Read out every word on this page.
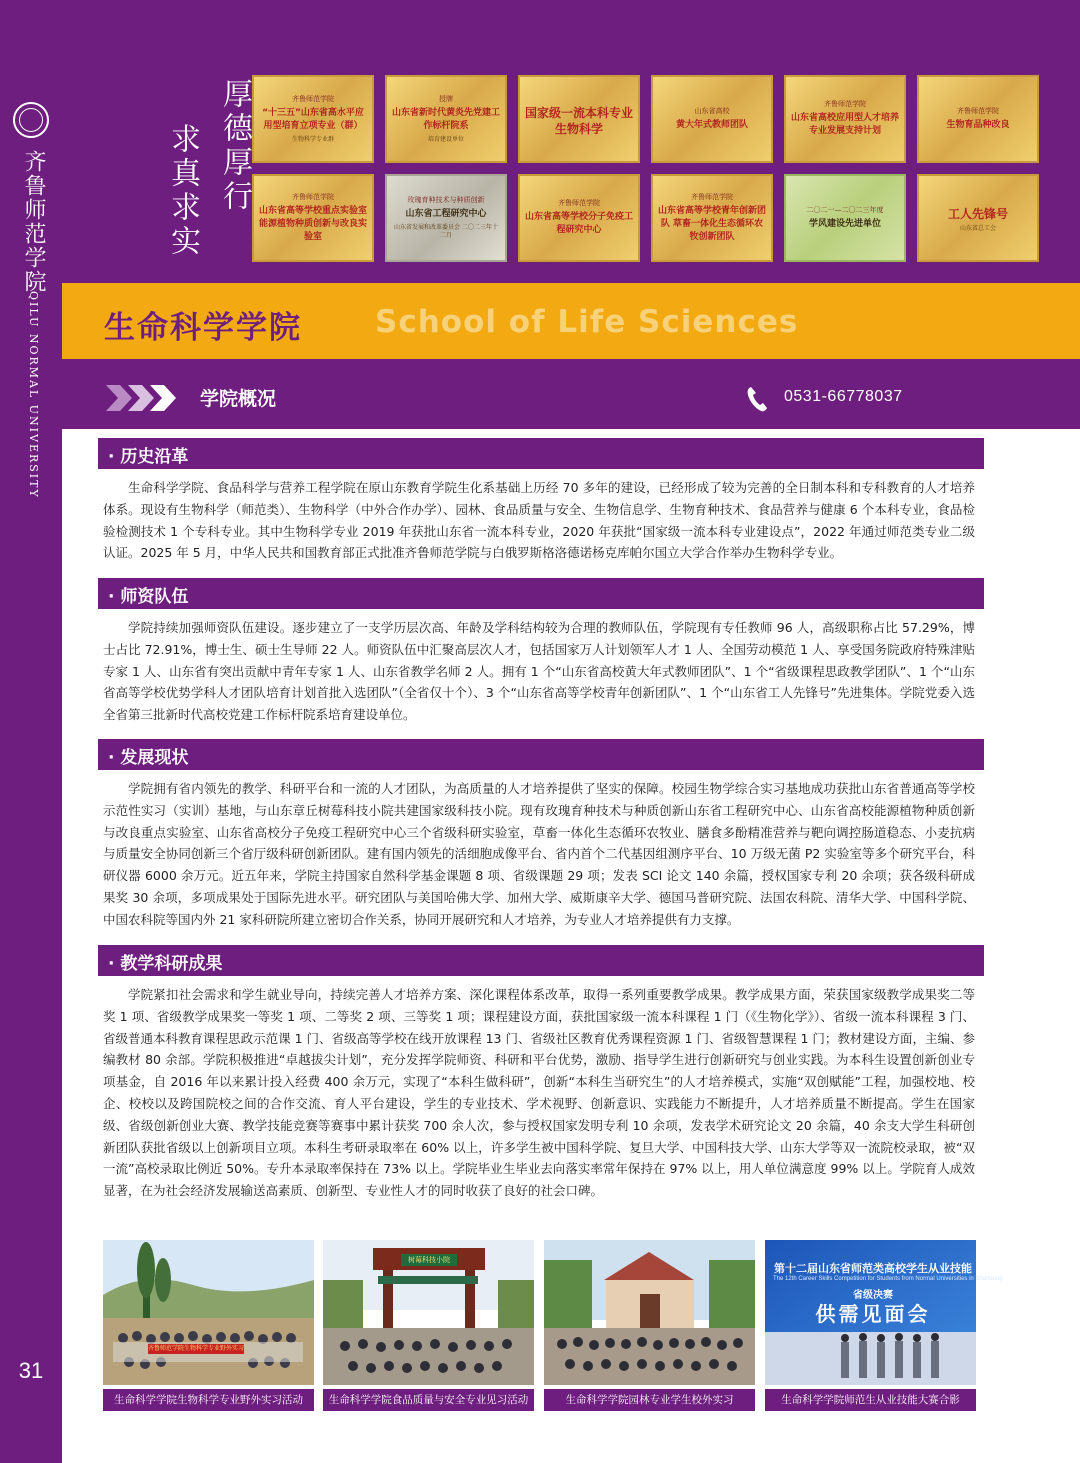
齐鲁师范学院
QILU NORMAL UNIVERSITY
31
求真求实 厚德厚行	齐鲁师范学院
“十三五”山东省高水平应用型培育立项专业（群）
生物科学专业群
授牌
山东省新时代黄炎先党建工作标杆院系
培育建设单位
国家级一流本科专业 生物科学
山东省高校
黄大年式教师团队
齐鲁师范学院
山东省高校应用型人才培养专业发展支持计划
齐鲁师范学院
生物育品种改良
齐鲁师范学院
山东省高等学校重点实验室 能源植物种质创新与改良实验室
玫瑰育种技术与种质创新
山东省工程研究中心
山东省发展和改革委员会 二〇二三年十二月
齐鲁师范学院
山东省高等学校分子免疫工程研究中心
齐鲁师范学院
山东省高等学校青年创新团队 草畜一体化生态循环农牧创新团队
二〇二一—二〇二三年度
学风建设先进单位
工人先锋号
山东省总工会
生命科学学院 School of Life Sciences
学院概况	0531-66778037
· 历史沿革
生命科学学院、食品科学与营养工程学院在原山东教育学院生化系基础上历经 70 多年的建设，已经形成了较为完善的全日制本科和专科教育的人才培养体系。现设有生物科学（师范类）、生物科学（中外合作办学）、园林、食品质量与安全、生物信息学、生物育种技术、食品营养与健康 6 个本科专业，食品检验检测技术 1 个专科专业。其中生物科学专业 2019 年获批山东省一流本科专业，2020 年获批“国家级一流本科专业建设点”，2022 年通过师范类专业二级认证。2025 年 5 月，中华人民共和国教育部正式批准齐鲁师范学院与白俄罗斯格洛德诺杨克库帕尔国立大学合作举办生物科学专业。
· 师资队伍
学院持续加强师资队伍建设。逐步建立了一支学历层次高、年龄及学科结构较为合理的教师队伍，学院现有专任教师 96 人，高级职称占比 57.29%，博士占比 72.91%，博士生、硕士生导师 22 人。师资队伍中汇聚高层次人才，包括国家万人计划领军人才 1 人、全国劳动模范 1 人、享受国务院政府特殊津贴专家 1 人、山东省有突出贡献中青年专家 1 人、山东省教学名师 2 人。拥有 1 个“山东省高校黄大年式教师团队”、1 个“省级课程思政教学团队”、1 个“山东省高等学校优势学科人才团队培育计划首批入选团队”（全省仅十个）、3 个“山东省高等学校青年创新团队”、1 个“山东省工人先锋号”先进集体。学院党委入选全省第三批新时代高校党建工作标杆院系培育建设单位。
· 发展现状
学院拥有省内领先的教学、科研平台和一流的人才团队，为高质量的人才培养提供了坚实的保障。校园生物学综合实习基地成功获批山东省普通高等学校示范性实习（实训）基地，与山东章丘树莓科技小院共建国家级科技小院。现有玫瑰育种技术与种质创新山东省工程研究中心、山东省高校能源植物种质创新与改良重点实验室、山东省高校分子免疫工程研究中心三个省级科研实验室，草畜一体化生态循环农牧业、膳食多酚精准营养与靶向调控肠道稳态、小麦抗病与质量安全协同创新三个省厅级科研创新团队。建有国内领先的活细胞成像平台、省内首个二代基因组测序平台、10 万级无菌 P2 实验室等多个研究平台，科研仪器 6000 余万元。近五年来，学院主持国家自然科学基金课题 8 项、省级课题 29 项；发表 SCI 论文 140 余篇，授权国家专利 20 余项；获各级科研成果奖 30 余项，多项成果处于国际先进水平。研究团队与美国哈佛大学、加州大学、威斯康辛大学、德国马普研究院、法国农科院、清华大学、中国科学院、中国农科院等国内外 21 家科研院所建立密切合作关系，协同开展研究和人才培养，为专业人才培养提供有力支撑。
· 教学科研成果
学院紧扣社会需求和学生就业导向，持续完善人才培养方案、深化课程体系改革，取得一系列重要教学成果。教学成果方面，荣获国家级教学成果奖二等奖 1 项、省级教学成果奖一等奖 1 项、二等奖 2 项、三等奖 1 项；课程建设方面，获批国家级一流本科课程 1 门（《生物化学》）、省级一流本科课程 3 门、省级普通本科教育课程思政示范课 1 门、省级高等学校在线开放课程 13 门、省级社区教育优秀课程资源 1 门、省级智慧课程 1 门；教材建设方面，主编、参编教材 80 余部。学院积极推进“卓越拔尖计划”，充分发挥学院师资、科研和平台优势，激励、指导学生进行创新研究与创业实践。为本科生设置创新创业专项基金，自 2016 年以来累计投入经费 400 余万元，实现了“本科生做科研”，创新“本科生当研究生”的人才培养模式，实施“双创赋能”工程，加强校地、校企、校校以及跨国院校之间的合作交流、育人平台建设，学生的专业技术、学术视野、创新意识、实践能力不断提升，人才培养质量不断提高。学生在国家级、省级创新创业大赛、教学技能竞赛等赛事中累计获奖 700 余人次，参与授权国家发明专利 10 余项，发表学术研究论文 20 余篇，40 余支大学生科研创新团队获批省级以上创新项目立项。本科生考研录取率在 60% 以上，许多学生被中国科学院、复旦大学、中国科技大学、山东大学等双一流院校录取，被“双一流”高校录取比例近 50%。专升本录取率保持在 73% 以上。学院毕业生毕业去向落实率常年保持在 97% 以上，用人单位满意度 99% 以上。学院育人成效显著，在为社会经济发展输送高素质、创新型、专业性人才的同时收获了良好的社会口碑。
齐鲁师范学院生物科学专业野外实习
生命科学学院生物科学专业野外实习活动
树莓科技小院
生命科学学院食品质量与安全专业见习活动	生命科学学院园林专业学生校外实习
第十二届山东省师范类高校学生从业技能
The 12th Career Skills Competition for Students from Normal Universities in Shandong
省级决赛
供需见面会
生命科学学院师范生从业技能大赛合影
